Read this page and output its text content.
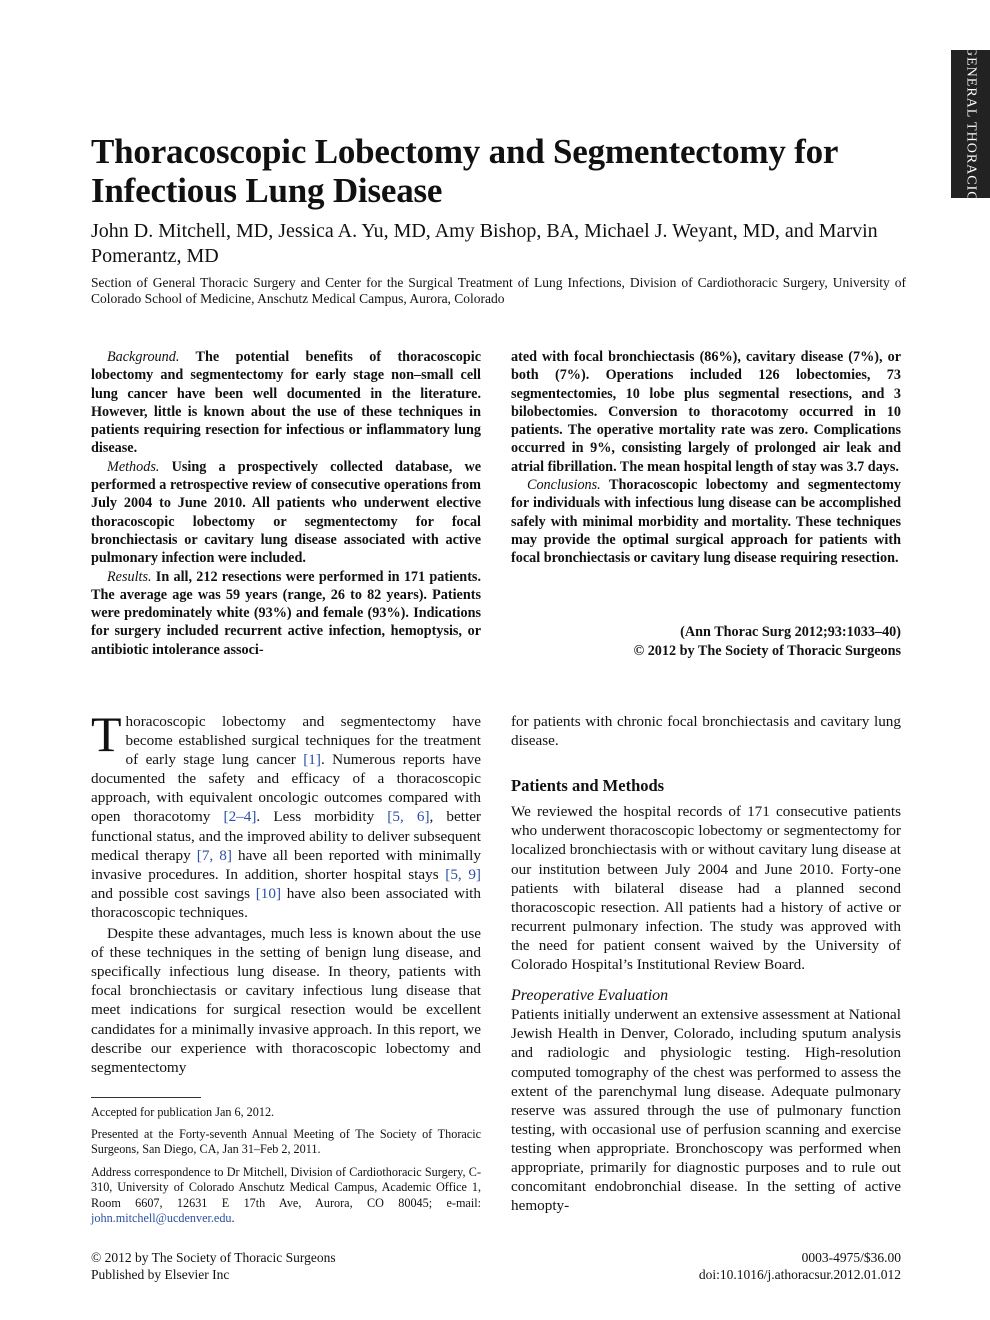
GENERAL THORACIC
Thoracoscopic Lobectomy and Segmentectomy for Infectious Lung Disease
John D. Mitchell, MD, Jessica A. Yu, MD, Amy Bishop, BA, Michael J. Weyant, MD, and Marvin Pomerantz, MD
Section of General Thoracic Surgery and Center for the Surgical Treatment of Lung Infections, Division of Cardiothoracic Surgery, University of Colorado School of Medicine, Anschutz Medical Campus, Aurora, Colorado

Background. The potential benefits of thoracoscopic lobectomy and segmentectomy for early stage non–small cell lung cancer have been well documented in the literature. However, little is known about the use of these techniques in patients requiring resection for infectious or inflammatory lung disease.

Methods. Using a prospectively collected database, we performed a retrospective review of consecutive operations from July 2004 to June 2010. All patients who underwent elective thoracoscopic lobectomy or segmentectomy for focal bronchiectasis or cavitary lung disease associated with active pulmonary infection were included.

Results. In all, 212 resections were performed in 171 patients. The average age was 59 years (range, 26 to 82 years). Patients were predominately white (93%) and female (93%). Indications for surgery included recurrent active infection, hemoptysis, or antibiotic intolerance associ-

ated with focal bronchiectasis (86%), cavitary disease (7%), or both (7%). Operations included 126 lobectomies, 73 segmentectomies, 10 lobe plus segmental resections, and 3 bilobectomies. Conversion to thoracotomy occurred in 10 patients. The operative mortality rate was zero. Complications occurred in 9%, consisting largely of prolonged air leak and atrial fibrillation. The mean hospital length of stay was 3.7 days.

Conclusions. Thoracoscopic lobectomy and segmentectomy for individuals with infectious lung disease can be accomplished safely with minimal morbidity and mortality. These techniques may provide the optimal surgical approach for patients with focal bronchiectasis or cavitary lung disease requiring resection.

(Ann Thorac Surg 2012;93:1033–40)
© 2012 by The Society of Thoracic Surgeons

Thoracoscopic lobectomy and segmentectomy have become established surgical techniques for the treatment of early stage lung cancer [1]. Numerous reports have documented the safety and efficacy of a thoracoscopic approach, with equivalent oncologic outcomes compared with open thoracotomy [2–4]. Less morbidity [5, 6], better functional status, and the improved ability to deliver subsequent medical therapy [7, 8] have all been reported with minimally invasive procedures. In addition, shorter hospital stays [5, 9] and possible cost savings [10] have also been associated with thoracoscopic techniques.

Despite these advantages, much less is known about the use of these techniques in the setting of benign lung disease, and specifically infectious lung disease. In theory, patients with focal bronchiectasis or cavitary infectious lung disease that meet indications for surgical resection would be excellent candidates for a minimally invasive approach. In this report, we describe our experience with thoracoscopic lobectomy and segmentectomy

for patients with chronic focal bronchiectasis and cavitary lung disease.

Patients and Methods

We reviewed the hospital records of 171 consecutive patients who underwent thoracoscopic lobectomy or segmentectomy for localized bronchiectasis with or without cavitary lung disease at our institution between July 2004 and June 2010. Forty-one patients with bilateral disease had a planned second thoracoscopic resection. All patients had a history of active or recurrent pulmonary infection. The study was approved with the need for patient consent waived by the University of Colorado Hospital’s Institutional Review Board.

Preoperative Evaluation

Patients initially underwent an extensive assessment at National Jewish Health in Denver, Colorado, including sputum analysis and radiologic and physiologic testing. High-resolution computed tomography of the chest was performed to assess the extent of the parenchymal lung disease. Adequate pulmonary reserve was assured through the use of pulmonary function testing, with occasional use of perfusion scanning and exercise testing when appropriate. Bronchoscopy was performed when appropriate, primarily for diagnostic purposes and to rule out concomitant endobronchial disease. In the setting of active hemopty-

Accepted for publication Jan 6, 2012.

Presented at the Forty-seventh Annual Meeting of The Society of Thoracic Surgeons, San Diego, CA, Jan 31–Feb 2, 2011.

Address correspondence to Dr Mitchell, Division of Cardiothoracic Surgery, C-310, University of Colorado Anschutz Medical Campus, Academic Office 1, Room 6607, 12631 E 17th Ave, Aurora, CO 80045; e-mail: john.mitchell@ucdenver.edu.

© 2012 by The Society of Thoracic Surgeons
Published by Elsevier Inc
0003-4975/$36.00
doi:10.1016/j.athoracsur.2012.01.012
